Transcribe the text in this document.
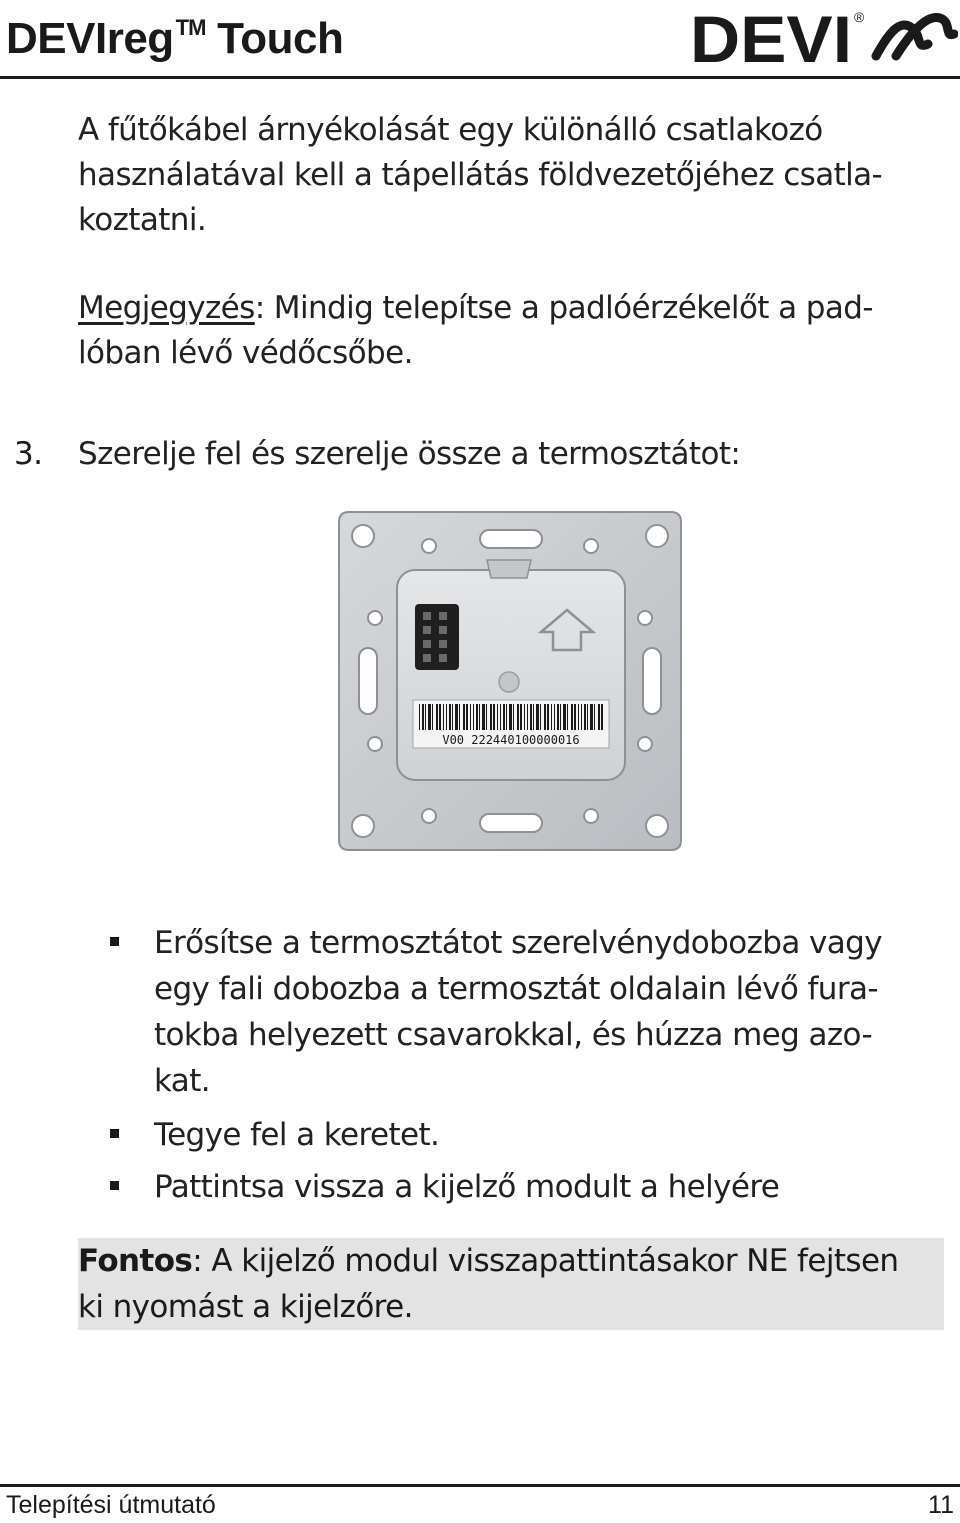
DEVIreg™ Touch	DEVI ®
A fűtőkábel árnyékolását egy különálló csatlakozó
használatával kell a tápellátás földvezetőjéhez csatla-
koztatni.
Megjegyzés: Mindig telepítse a padlóérzékelőt a pad-
lóban lévő védőcsőbe.
3. Szerelje fel és szerelje össze a termosztátot:
V00 222440100000016
Erősítse a termosztátot szerelvénydobozba vagy
egy fali dobozba a termosztát oldalain lévő fura-
tokba helyezett csavarokkal, és húzza meg azo-
kat.
Tegye fel a keretet.
Pattintsa vissza a kijelző modult a helyére
Fontos: A kijelző modul visszapattintásakor NE fejtsen
ki nyomást a kijelzőre.
Telepítési útmutató	11
